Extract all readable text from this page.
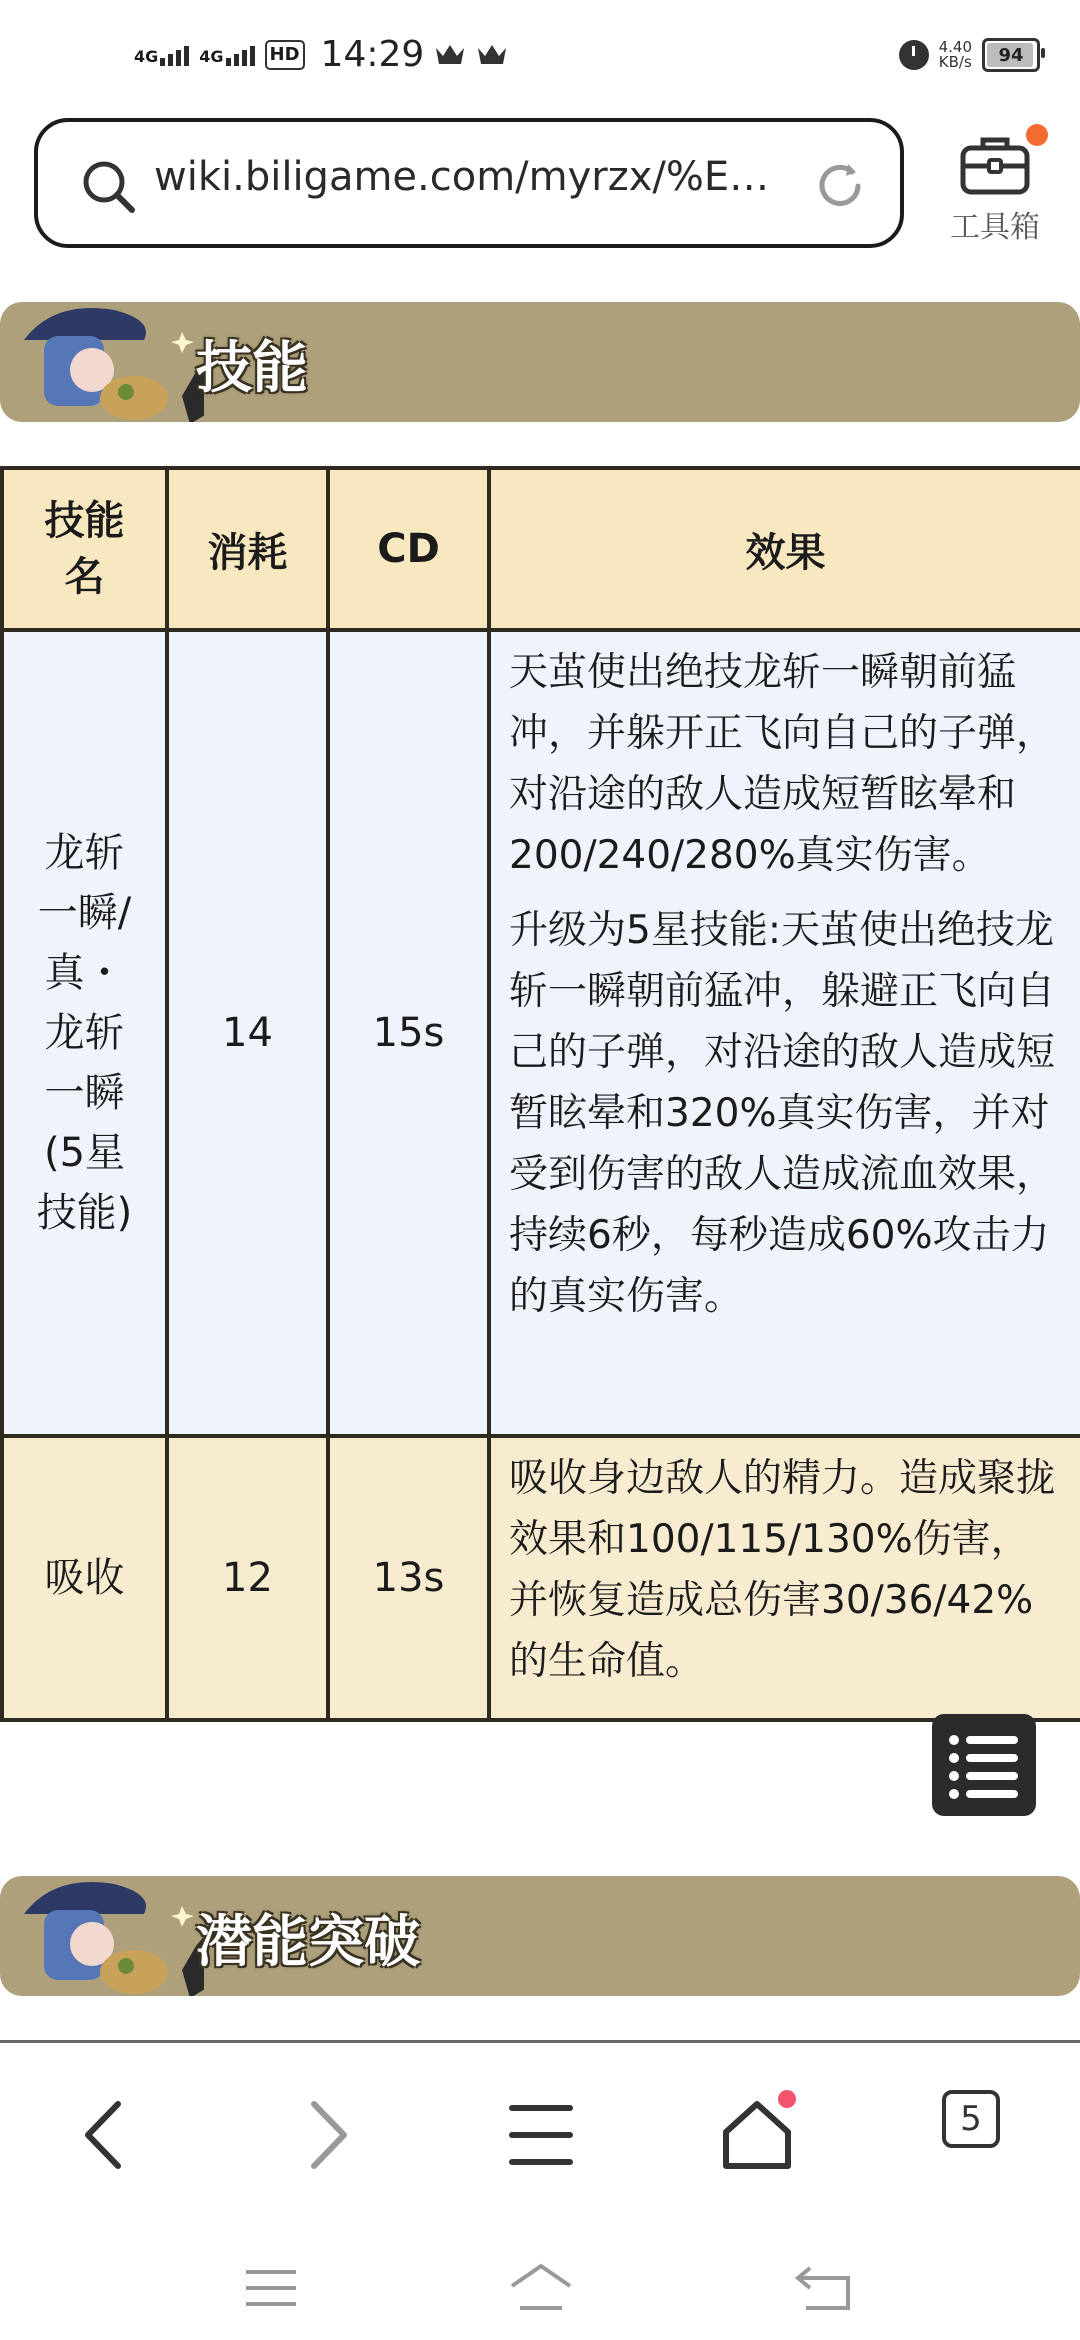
4G	4G	HD 14:29	4.40
KB/s 94
wiki.biligame.com/myrzx/%E…
工具箱
技能
技能名	消耗	CD	效果
龙斩一瞬/真・龙斩一瞬(5星技能)	14	15s	天茧使出绝技龙斩一瞬朝前猛冲，并躲开正飞向自己的子弹，对沿途的敌人造成短暂眩晕和200/240/280%真实伤害。

升级为5星技能:天茧使出绝技龙斩一瞬朝前猛冲，躲避正飞向自己的子弹，对沿途的敌人造成短暂眩晕和320%真实伤害，并对受到伤害的敌人造成流血效果，持续6秒，每秒造成60%攻击力的真实伤害。

吸收	12	13s	吸收身边敌人的精力。造成聚拢效果和100/115/130%伤害，并恢复造成总伤害30/36/42%的生命值。

潜能突破
5
